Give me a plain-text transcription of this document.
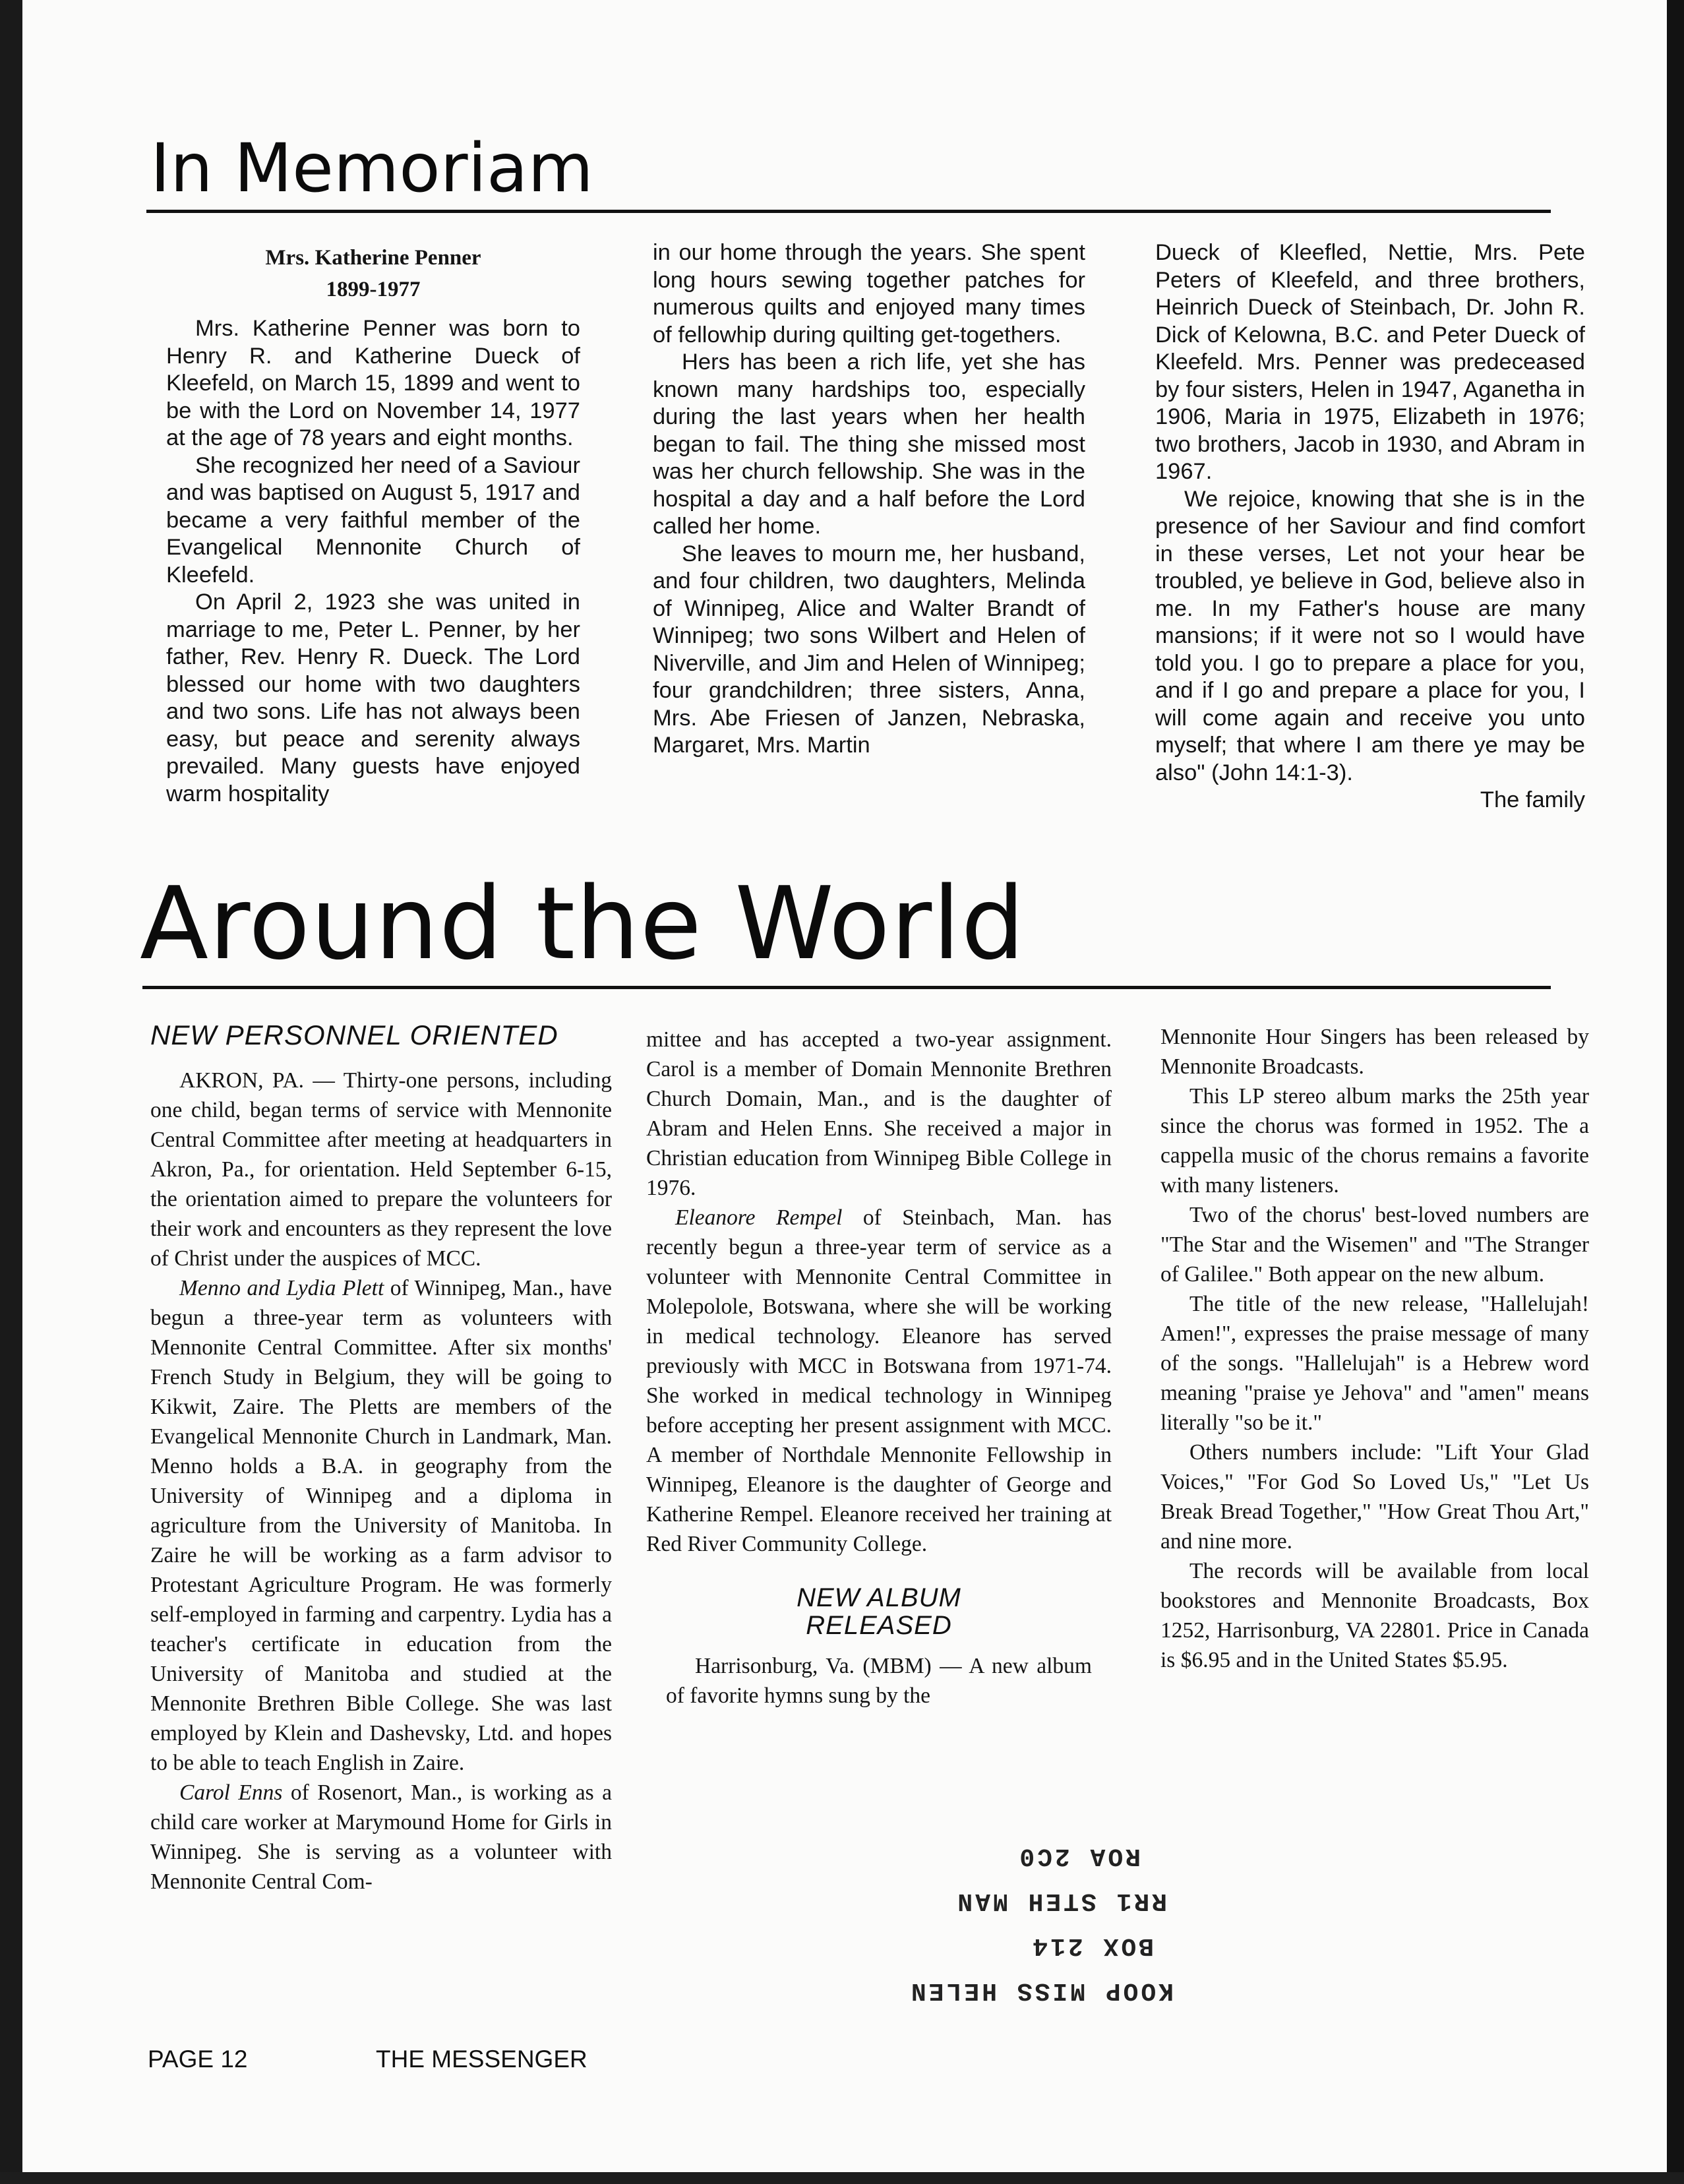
In Memoriam
Mrs. Katherine Penner
1899-1977

Mrs. Katherine Penner was born to Henry R. and Katherine Dueck of Kleefeld, on March 15, 1899 and went to be with the Lord on November 14, 1977 at the age of 78 years and eight months.

She recognized her need of a Saviour and was baptised on August 5, 1917 and became a very faithful member of the Evangelical Mennonite Church of Kleefeld.

On April 2, 1923 she was united in marriage to me, Peter L. Penner, by her father, Rev. Henry R. Dueck. The Lord blessed our home with two daughters and two sons. Life has not always been easy, but peace and serenity always prevailed. Many guests have enjoyed warm hospitality

in our home through the years. She spent long hours sewing together patches for numerous quilts and enjoyed many times of fellowhip during quilting get-togethers.

Hers has been a rich life, yet she has known many hardships too, especially during the last years when her health began to fail. The thing she missed most was her church fellowship. She was in the hospital a day and a half before the Lord called her home.

She leaves to mourn me, her husband, and four children, two daughters, Melinda of Winnipeg, Alice and Walter Brandt of Winnipeg; two sons Wilbert and Helen of Niverville, and Jim and Helen of Winnipeg; four grandchildren; three sisters, Anna, Mrs. Abe Friesen of Janzen, Nebraska, Margaret, Mrs. Martin

Dueck of Kleefled, Nettie, Mrs. Pete Peters of Kleefeld, and three brothers, Heinrich Dueck of Steinbach, Dr. John R. Dick of Kelowna, B.C. and Peter Dueck of Kleefeld. Mrs. Penner was predeceased by four sisters, Helen in 1947, Aganetha in 1906, Maria in 1975, Elizabeth in 1976; two brothers, Jacob in 1930, and Abram in 1967.

We rejoice, knowing that she is in the presence of her Saviour and find comfort in these verses, Let not your hear be troubled, ye believe in God, believe also in me. In my Father's house are many mansions; if it were not so I would have told you. I go to prepare a place for you, and if I go and prepare a place for you, I will come again and receive you unto myself; that where I am there ye may be also" (John 14:1-3).

The family

Around the World
NEW PERSONNEL ORIENTED

AKRON, PA. — Thirty-one persons, including one child, began terms of service with Mennonite Central Committee after meeting at headquarters in Akron, Pa., for orientation. Held September 6-15, the orientation aimed to prepare the volunteers for their work and encounters as they represent the love of Christ under the auspices of MCC.

Menno and Lydia Plett of Winnipeg, Man., have begun a three-year term as volunteers with Mennonite Central Committee. After six months' French Study in Belgium, they will be going to Kikwit, Zaire. The Pletts are members of the Evangelical Mennonite Church in Landmark, Man. Menno holds a B.A. in geography from the University of Winnipeg and a diploma in agriculture from the University of Manitoba. In Zaire he will be working as a farm advisor to Protestant Agriculture Program. He was formerly self-employed in farming and carpentry. Lydia has a teacher's certificate in education from the University of Manitoba and studied at the Mennonite Brethren Bible College. She was last employed by Klein and Dashevsky, Ltd. and hopes to be able to teach English in Zaire.

Carol Enns of Rosenort, Man., is working as a child care worker at Marymound Home for Girls in Winnipeg. She is serving as a volunteer with Mennonite Central Com-

mittee and has accepted a two-year assignment. Carol is a member of Domain Mennonite Brethren Church Domain, Man., and is the daughter of Abram and Helen Enns. She received a major in Christian education from Winnipeg Bible College in 1976.

Eleanore Rempel of Steinbach, Man. has recently begun a three-year term of service as a volunteer with Mennonite Central Committee in Molepolole, Botswana, where she will be working in medical technology. Eleanore has served previously with MCC in Botswana from 1971-74. She worked in medical technology in Winnipeg before accepting her present assignment with MCC. A member of Northdale Mennonite Fellowship in Winnipeg, Eleanore is the daughter of George and Katherine Rempel. Eleanore received her training at Red River Community College.

NEW ALBUM
RELEASED

Harrisonburg, Va. (MBM) — A new album of favorite hymns sung by the

Mennonite Hour Singers has been released by Mennonite Broadcasts.

This LP stereo album marks the 25th year since the chorus was formed in 1952. The a cappella music of the chorus remains a favorite with many listeners.

Two of the chorus' best-loved numbers are "The Star and the Wisemen" and "The Stranger of Galilee." Both appear on the new album.

The title of the new release, "Hallelujah! Amen!", expresses the praise message of many of the songs. "Hallelujah" is a Hebrew word meaning "praise ye Jehova" and "amen" means literally "so be it."

Others numbers include: "Lift Your Glad Voices," "For God So Loved Us," "Let Us Break Bread Together," "How Great Thou Art," and nine more.

The records will be available from local bookstores and Mennonite Broadcasts, Box 1252, Harrisonburg, VA 22801. Price in Canada is $6.95 and in the United States $5.95.

KOOP MISS HELEN
BOX 214
RR1 STEH MAN
ROA 2C0
PAGE 12	THE MESSENGER
